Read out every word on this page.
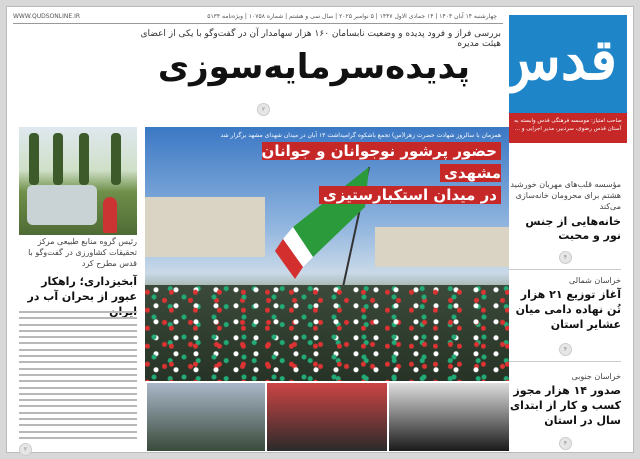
WWW.QUDSONLINE.IR	چهارشنبه ۱۴ آبان ۱۴۰۴ | ۱۴ جمادی الاول ۱۴۴۷ | ۵ نوامبر ۲۰۲۵ | سال سی و هشتم | شماره ۱۰۷۵۸ | ویژه‌نامه ۵۱۳۴
قدس
صاحب امتیاز: موسسه فرهنگی قدس وابسته به آستان قدس رضوی، سردبیر، مدیر اجرایی و ...
بررسی فراز و فرود پدیده و وضعیت نابسامان ۱۶۰ هزار سهامدار آن در گفت‌وگو با یکی از اعضای هیئت مدیره
پدیده‌سرمایه‌سوزی
۲
رئیس گروه منابع طبیعی مرکز تحقیقات کشاورزی در گفت‌وگو با قدس مطرح کرد
آبخیزداری؛ راهکار عبور از بحران آب در
۲
همزمان با سالروز شهادت حضرت زهرا(س) تجمع باشکوه گرامیداشت ۱۳ آبان در میدان شهدای مشهد برگزار شد
حضور پرشور نوجوانان و جوانان مشهدی
در میدان استکبارستیزی
مؤسسه قلب‌های مهربان خورشید هشتم برای محرومان خانه‌سازی می‌کند
خانه‌هایی از جنس نور و محبت
۴
خراسان شمالی
آغاز توزیع ۲۱ هزار تُن نهاده دامی میان عشایر استان
۴
خراسان جنوبی
صدور ۱۴ هزار مجوز کسب و کار از ابتدای سال در استان
۴
